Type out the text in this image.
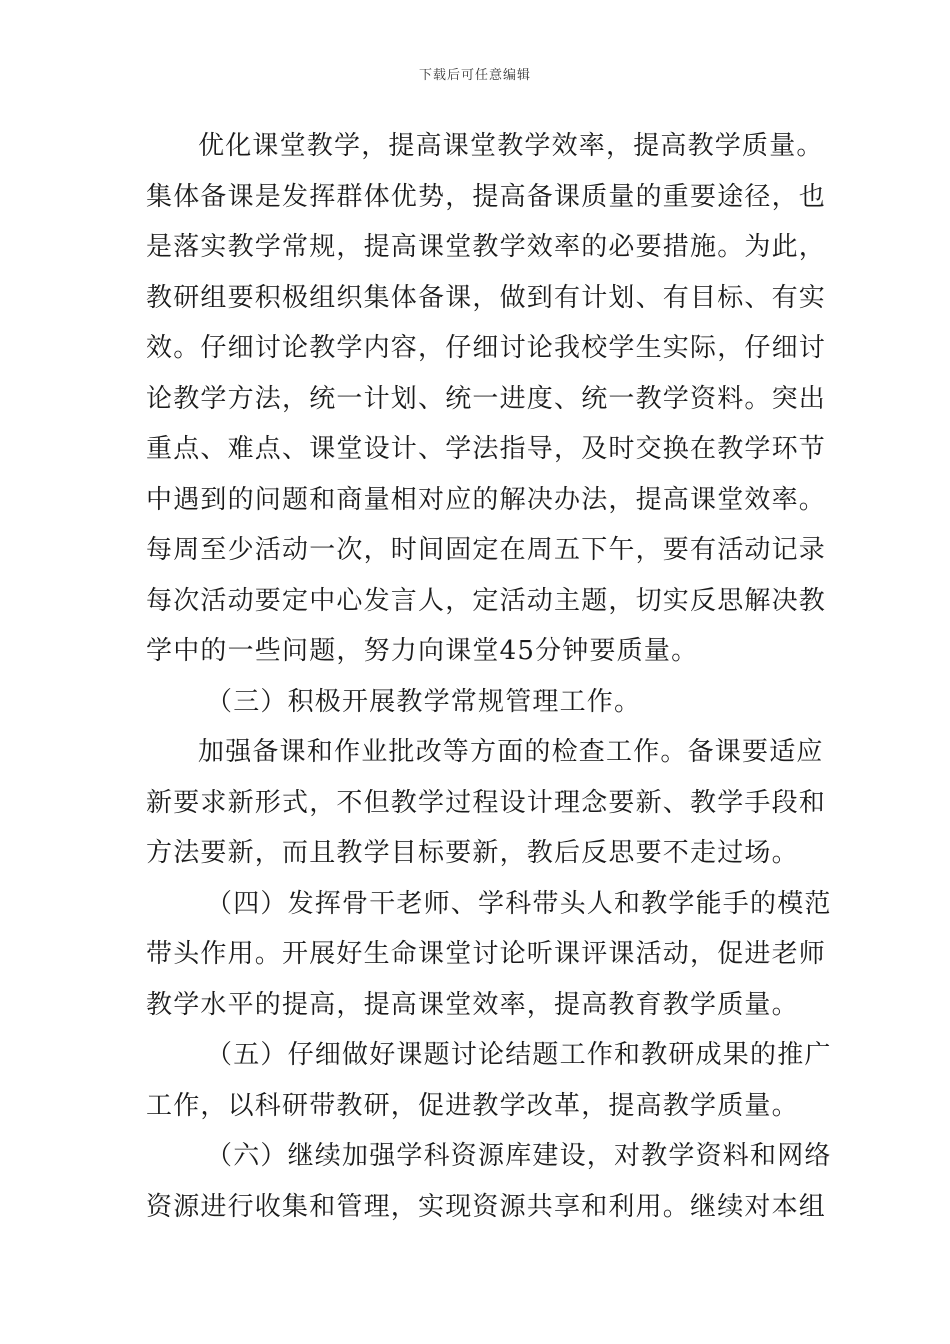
下载后可任意编辑
优化课堂教学，提高课堂教学效率，提高教学质量。
集体备课是发挥群体优势，提高备课质量的重要途径，也
是落实教学常规，提高课堂教学效率的必要措施。为此，
教研组要积极组织集体备课，做到有计划、有目标、有实
效。仔细讨论教学内容，仔细讨论我校学生实际，仔细讨
论教学方法，统一计划、统一进度、统一教学资料。突出
重点、难点、课堂设计、学法指导，及时交换在教学环节
中遇到的问题和商量相对应的解决办法，提高课堂效率。
每周至少活动一次，时间固定在周五下午，要有活动记录
每次活动要定中心发言人，定活动主题，切实反思解决教
学中的一些问题，努力向课堂45分钟要质量。
（三）积极开展教学常规管理工作。
加强备课和作业批改等方面的检查工作。备课要适应
新要求新形式，不但教学过程设计理念要新、教学手段和
方法要新，而且教学目标要新，教后反思要不走过场。
（四）发挥骨干老师、学科带头人和教学能手的模范
带头作用。开展好生命课堂讨论听课评课活动，促进老师
教学水平的提高，提高课堂效率，提高教育教学质量。
（五）仔细做好课题讨论结题工作和教研成果的推广
工作，以科研带教研，促进教学改革，提高教学质量。
（六）继续加强学科资源库建设，对教学资料和网络
资源进行收集和管理，实现资源共享和利用。继续对本组
